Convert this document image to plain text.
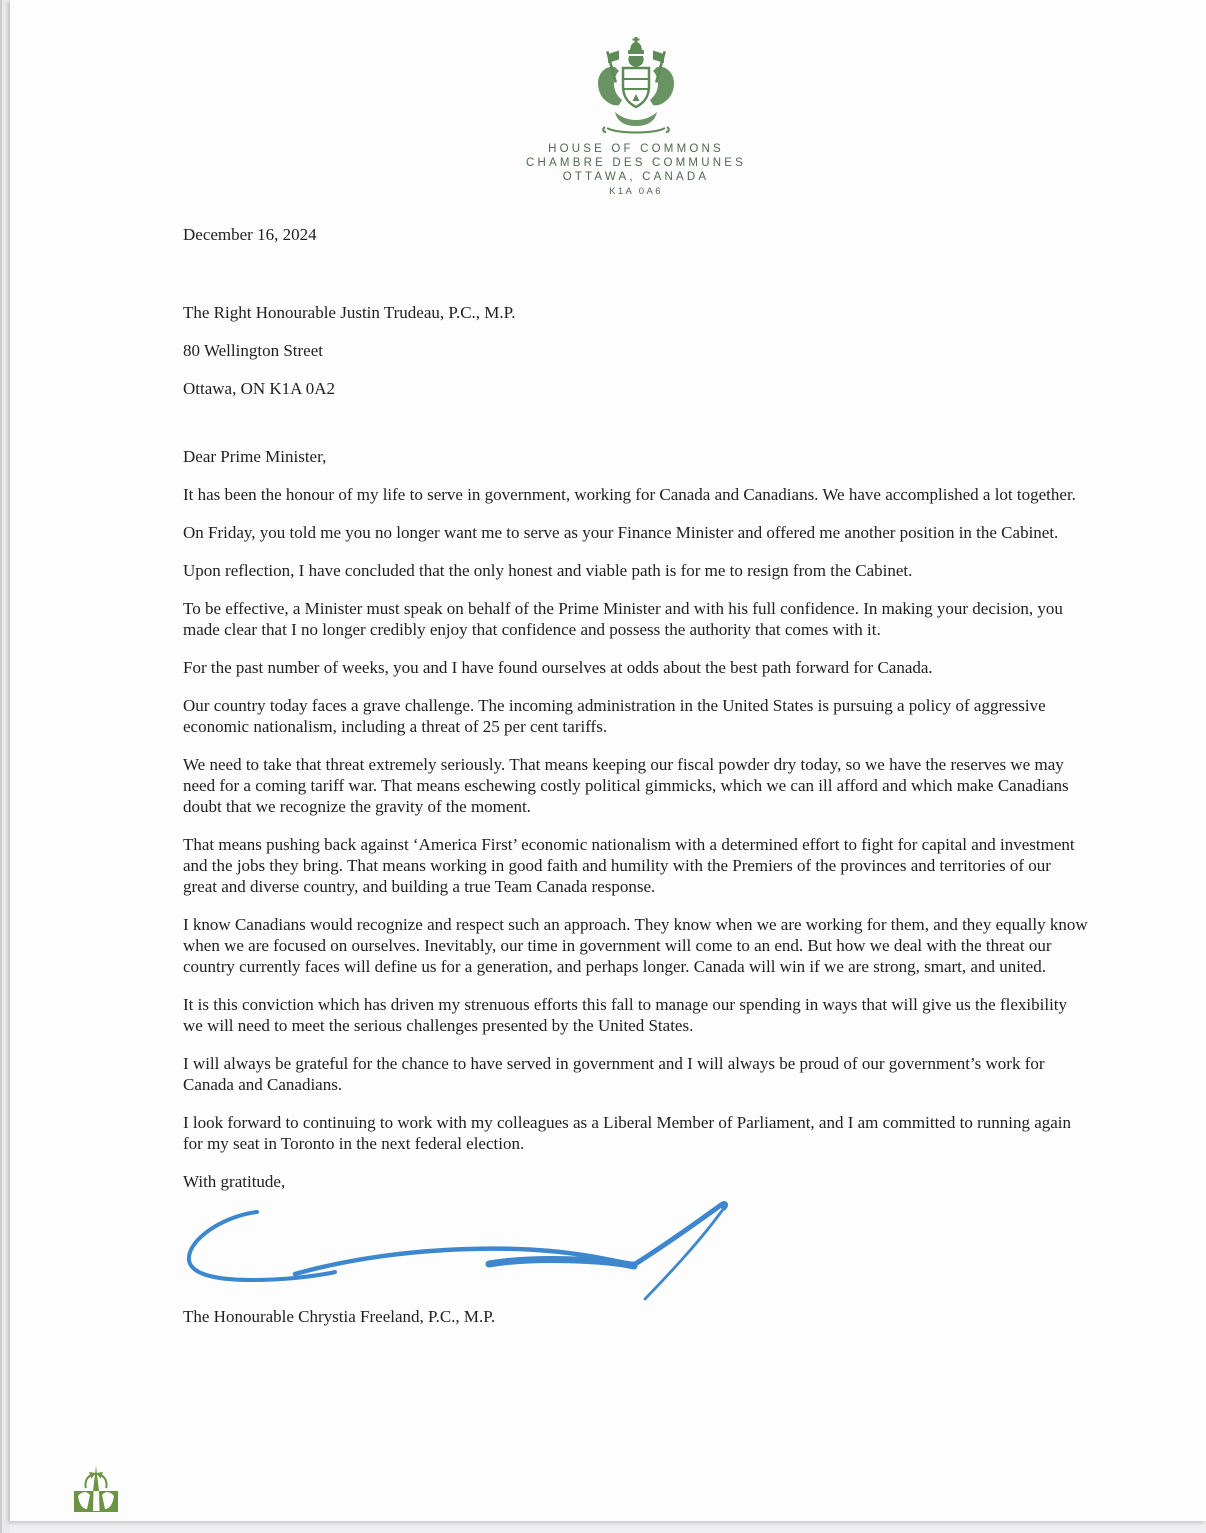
HOUSE OF COMMONS
CHAMBRE DES COMMUNES
OTTAWA, CANADA
K1A 0A6
December 16, 2024

The Right Honourable Justin Trudeau, P.C., M.P.

80 Wellington Street

Ottawa, ON K1A 0A2

Dear Prime Minister,

It has been the honour of my life to serve in government, working for Canada and Canadians. We have accomplished a lot together.

On Friday, you told me you no longer want me to serve as your Finance Minister and offered me another position in the Cabinet.

Upon reflection, I have concluded that the only honest and viable path is for me to resign from the Cabinet.

To be effective, a Minister must speak on behalf of the Prime Minister and with his full confidence. In making your decision, you made clear that I no longer credibly enjoy that confidence and possess the authority that comes with it.

For the past number of weeks, you and I have found ourselves at odds about the best path forward for Canada.

Our country today faces a grave challenge. The incoming administration in the United States is pursuing a policy of aggressive economic nationalism, including a threat of 25 per cent tariffs.

We need to take that threat extremely seriously. That means keeping our fiscal powder dry today, so we have the reserves we may need for a coming tariff war. That means eschewing costly political gimmicks, which we can ill afford and which make Canadians doubt that we recognize the gravity of the moment.

That means pushing back against ‘America First’ economic nationalism with a determined effort to fight for capital and investment and the jobs they bring. That means working in good faith and humility with the Premiers of the provinces and territories of our great and diverse country, and building a true Team Canada response.

I know Canadians would recognize and respect such an approach. They know when we are working for them, and they equally know when we are focused on ourselves. Inevitably, our time in government will come to an end. But how we deal with the threat our country currently faces will define us for a generation, and perhaps longer. Canada will win if we are strong, smart, and united.

It is this conviction which has driven my strenuous efforts this fall to manage our spending in ways that will give us the flexibility we will need to meet the serious challenges presented by the United States.

I will always be grateful for the chance to have served in government and I will always be proud of our government’s work for Canada and Canadians.

I look forward to continuing to work with my colleagues as a Liberal Member of Parliament, and I am committed to running again for my seat in Toronto in the next federal election.

With gratitude,

The Honourable Chrystia Freeland, P.C., M.P.
